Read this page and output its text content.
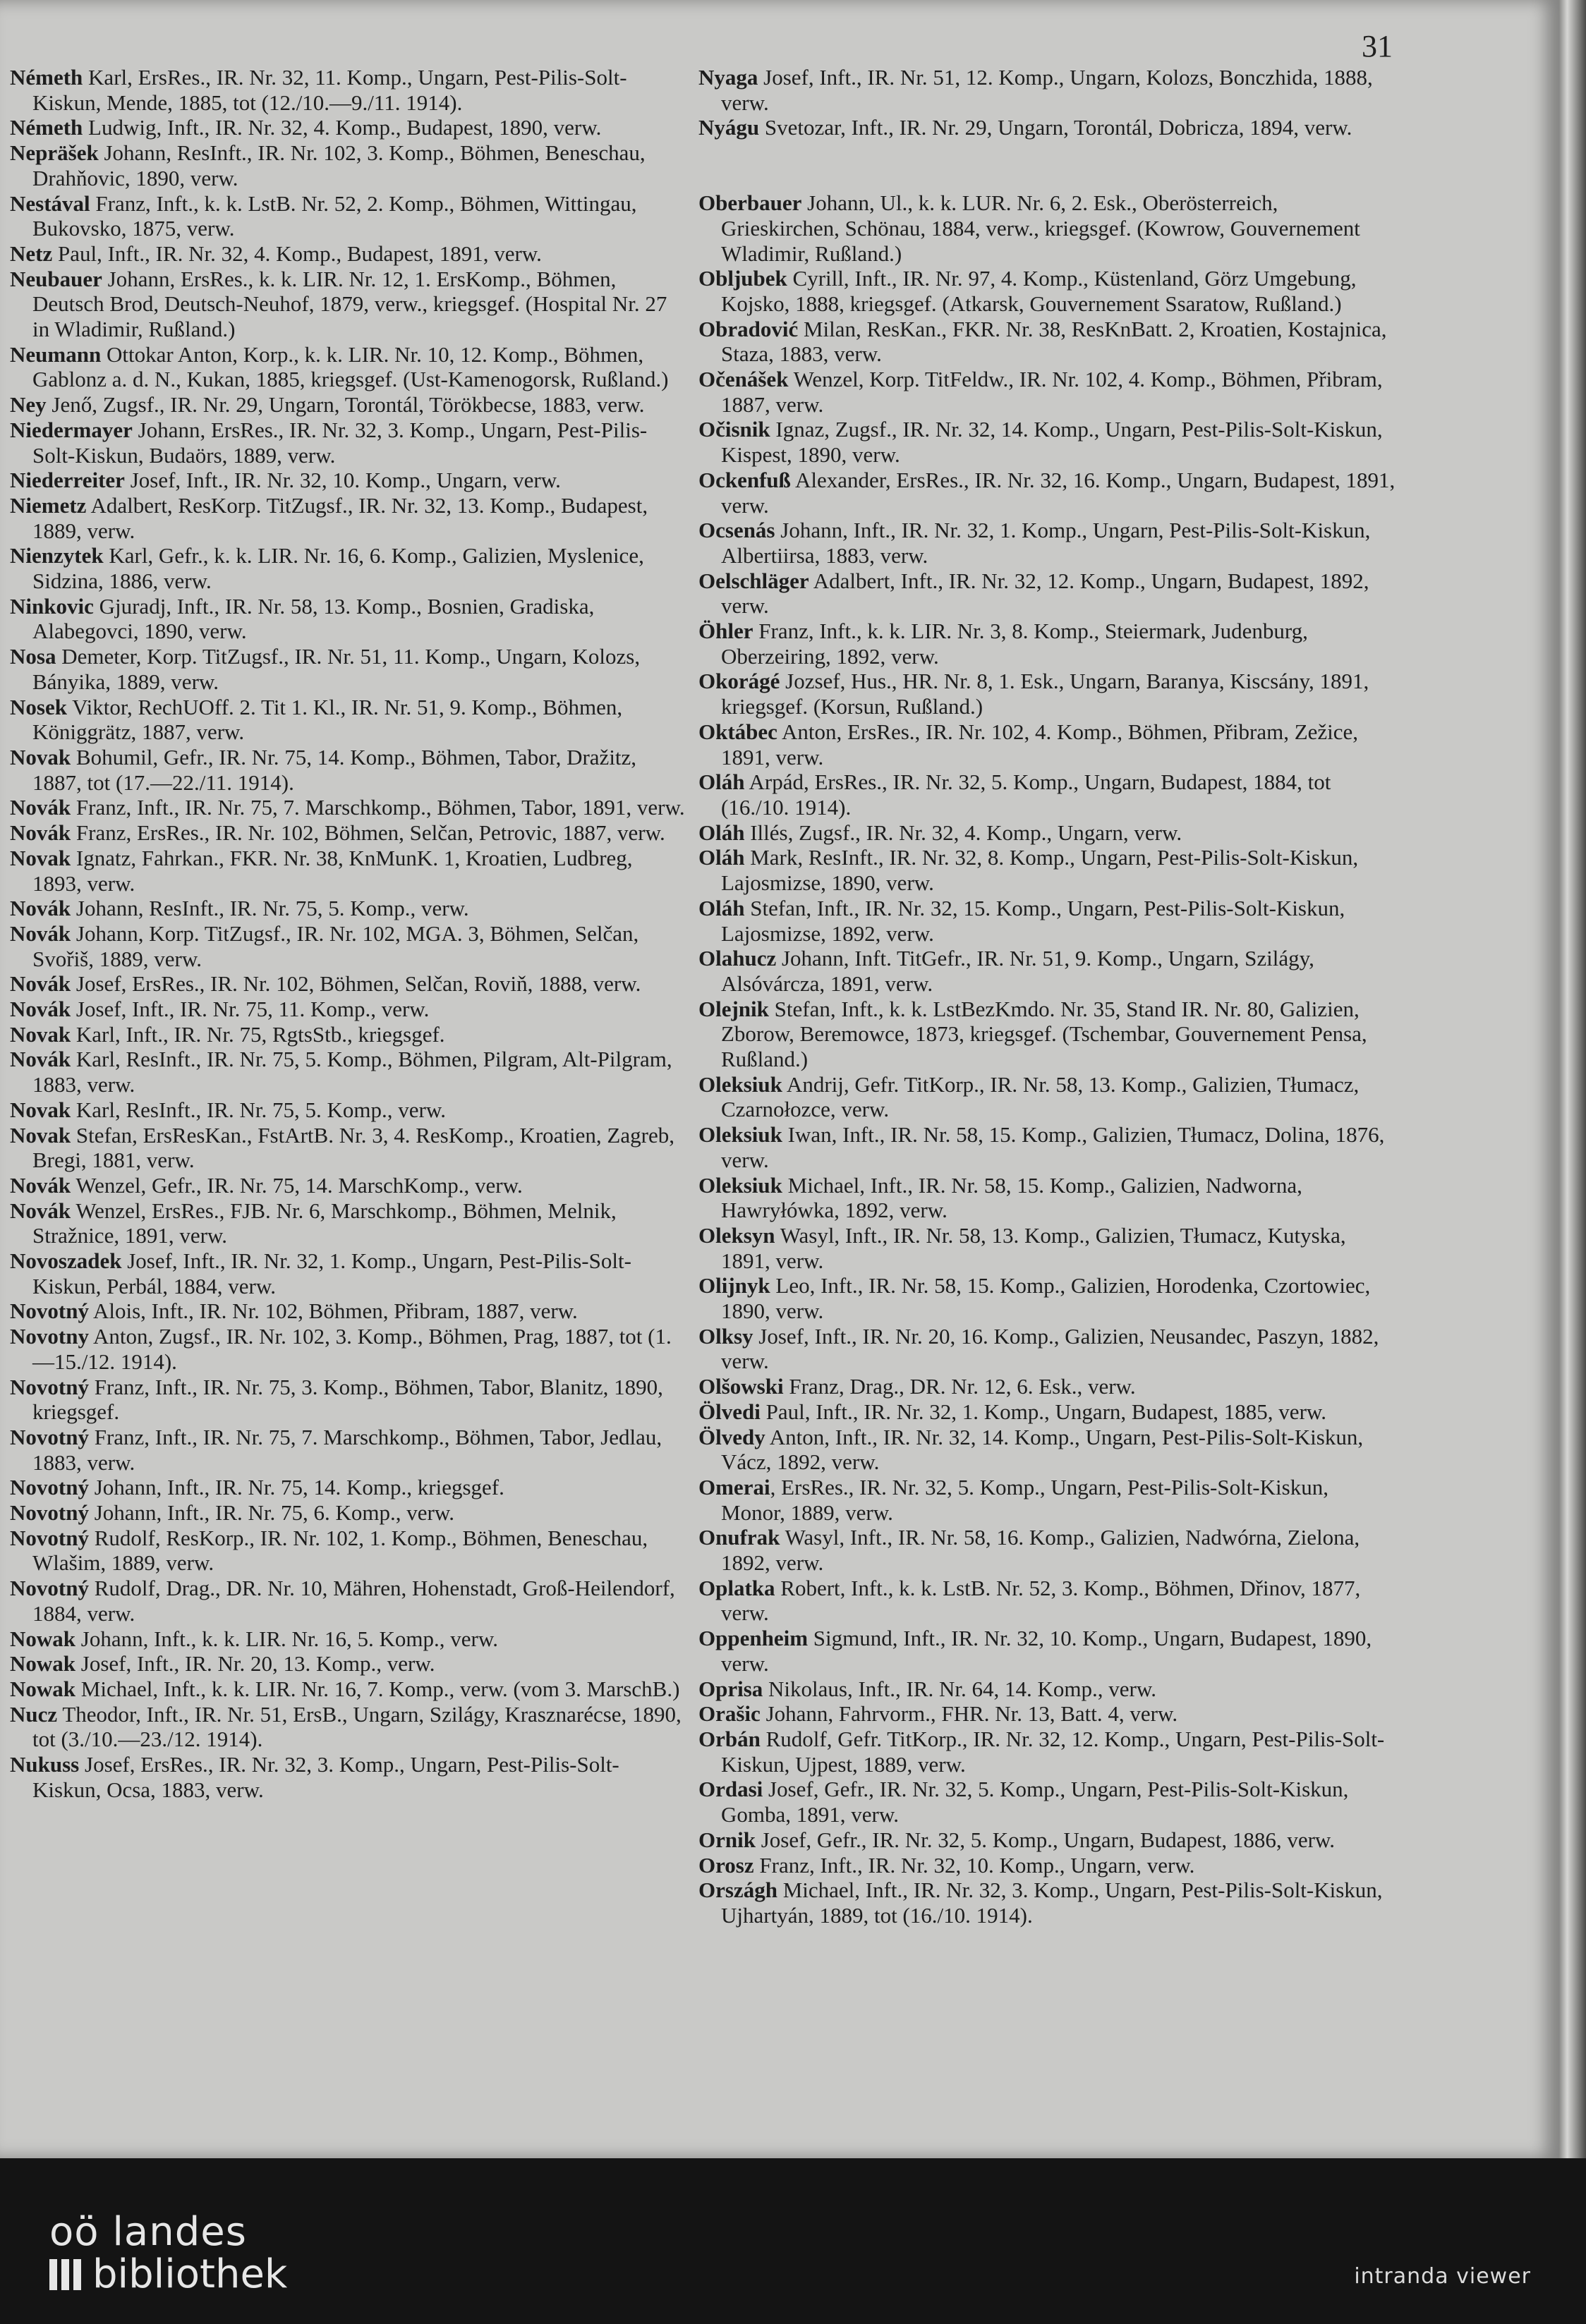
31

Németh Karl, ErsRes., IR. Nr. 32, 11. Komp., Ungarn, Pest-Pilis-Solt-Kiskun, Mende, 1885, tot (12./10.—9./11. 1914).

Németh Ludwig, Inft., IR. Nr. 32, 4. Komp., Budapest, 1890, verw.

Nepräšek Johann, ResInft., IR. Nr. 102, 3. Komp., Böhmen, Beneschau, Drahňovic, 1890, verw.

Nestával Franz, Inft., k. k. LstB. Nr. 52, 2. Komp., Böhmen, Wittingau, Bukovsko, 1875, verw.

Netz Paul, Inft., IR. Nr. 32, 4. Komp., Budapest, 1891, verw.

Neubauer Johann, ErsRes., k. k. LIR. Nr. 12, 1. ErsKomp., Böhmen, Deutsch Brod, Deutsch-Neuhof, 1879, verw., kriegsgef. (Hospital Nr. 27 in Wladimir, Rußland.)

Neumann Ottokar Anton, Korp., k. k. LIR. Nr. 10, 12. Komp., Böhmen, Gablonz a. d. N., Kukan, 1885, kriegsgef. (Ust-Kamenogorsk, Rußland.)

Ney Jenő, Zugsf., IR. Nr. 29, Ungarn, Torontál, Törökbecse, 1883, verw.

Niedermayer Johann, ErsRes., IR. Nr. 32, 3. Komp., Ungarn, Pest-Pilis-Solt-Kiskun, Budaörs, 1889, verw.

Niederreiter Josef, Inft., IR. Nr. 32, 10. Komp., Ungarn, verw.

Niemetz Adalbert, ResKorp. TitZugsf., IR. Nr. 32, 13. Komp., Budapest, 1889, verw.

Nienzytek Karl, Gefr., k. k. LIR. Nr. 16, 6. Komp., Galizien, Myslenice, Sidzina, 1886, verw.

Ninkovic Gjuradj, Inft., IR. Nr. 58, 13. Komp., Bosnien, Gradiska, Alabegovci, 1890, verw.

Nosa Demeter, Korp. TitZugsf., IR. Nr. 51, 11. Komp., Ungarn, Kolozs, Bányika, 1889, verw.

Nosek Viktor, RechUOff. 2. Tit 1. Kl., IR. Nr. 51, 9. Komp., Böhmen, Königgrätz, 1887, verw.

Novak Bohumil, Gefr., IR. Nr. 75, 14. Komp., Böhmen, Tabor, Dražitz, 1887, tot (17.—22./11. 1914).

Novák Franz, Inft., IR. Nr. 75, 7. Marschkomp., Böhmen, Tabor, 1891, verw.

Novák Franz, ErsRes., IR. Nr. 102, Böhmen, Selčan, Petrovic, 1887, verw.

Novak Ignatz, Fahrkan., FKR. Nr. 38, KnMunK. 1, Kroatien, Ludbreg, 1893, verw.

Novák Johann, ResInft., IR. Nr. 75, 5. Komp., verw.

Novák Johann, Korp. TitZugsf., IR. Nr. 102, MGA. 3, Böhmen, Selčan, Svořiš, 1889, verw.

Novák Josef, ErsRes., IR. Nr. 102, Böhmen, Selčan, Roviň, 1888, verw.

Novák Josef, Inft., IR. Nr. 75, 11. Komp., verw.

Novak Karl, Inft., IR. Nr. 75, RgtsStb., kriegsgef.

Novák Karl, ResInft., IR. Nr. 75, 5. Komp., Böhmen, Pilgram, Alt-Pilgram, 1883, verw.

Novak Karl, ResInft., IR. Nr. 75, 5. Komp., verw.

Novak Stefan, ErsResKan., FstArtB. Nr. 3, 4. ResKomp., Kroatien, Zagreb, Bregi, 1881, verw.

Novák Wenzel, Gefr., IR. Nr. 75, 14. MarschKomp., verw.

Novák Wenzel, ErsRes., FJB. Nr. 6, Marschkomp., Böhmen, Melnik, Stražnice, 1891, verw.

Novoszadek Josef, Inft., IR. Nr. 32, 1. Komp., Ungarn, Pest-Pilis-Solt-Kiskun, Perbál, 1884, verw.

Novotný Alois, Inft., IR. Nr. 102, Böhmen, Přibram, 1887, verw.

Novotny Anton, Zugsf., IR. Nr. 102, 3. Komp., Böhmen, Prag, 1887, tot (1.—15./12. 1914).

Novotný Franz, Inft., IR. Nr. 75, 3. Komp., Böhmen, Tabor, Blanitz, 1890, kriegsgef.

Novotný Franz, Inft., IR. Nr. 75, 7. Marschkomp., Böhmen, Tabor, Jedlau, 1883, verw.

Novotný Johann, Inft., IR. Nr. 75, 14. Komp., kriegsgef.

Novotný Johann, Inft., IR. Nr. 75, 6. Komp., verw.

Novotný Rudolf, ResKorp., IR. Nr. 102, 1. Komp., Böhmen, Beneschau, Wlašim, 1889, verw.

Novotný Rudolf, Drag., DR. Nr. 10, Mähren, Hohenstadt, Groß-Heilendorf, 1884, verw.

Nowak Johann, Inft., k. k. LIR. Nr. 16, 5. Komp., verw.

Nowak Josef, Inft., IR. Nr. 20, 13. Komp., verw.

Nowak Michael, Inft., k. k. LIR. Nr. 16, 7. Komp., verw. (vom 3. MarschB.)

Nucz Theodor, Inft., IR. Nr. 51, ErsB., Ungarn, Szilágy, Krasznarécse, 1890, tot (3./10.—23./12. 1914).

Nukuss Josef, ErsRes., IR. Nr. 32, 3. Komp., Ungarn, Pest-Pilis-Solt-Kiskun, Ocsa, 1883, verw.

Nyaga Josef, Inft., IR. Nr. 51, 12. Komp., Ungarn, Kolozs, Bonczhida, 1888, verw.

Nyágu Svetozar, Inft., IR. Nr. 29, Ungarn, Torontál, Dobricza, 1894, verw.

Oberbauer Johann, Ul., k. k. LUR. Nr. 6, 2. Esk., Oberösterreich, Grieskirchen, Schönau, 1884, verw., kriegsgef. (Kowrow, Gouvernement Wladimir, Rußland.)

Obljubek Cyrill, Inft., IR. Nr. 97, 4. Komp., Küstenland, Görz Umgebung, Kojsko, 1888, kriegsgef. (Atkarsk, Gouvernement Ssaratow, Rußland.)

Obradović Milan, ResKan., FKR. Nr. 38, ResKnBatt. 2, Kroatien, Kostajnica, Staza, 1883, verw.

Očenášek Wenzel, Korp. TitFeldw., IR. Nr. 102, 4. Komp., Böhmen, Přibram, 1887, verw.

Očisnik Ignaz, Zugsf., IR. Nr. 32, 14. Komp., Ungarn, Pest-Pilis-Solt-Kiskun, Kispest, 1890, verw.

Ockenfuß Alexander, ErsRes., IR. Nr. 32, 16. Komp., Ungarn, Budapest, 1891, verw.

Ocsenás Johann, Inft., IR. Nr. 32, 1. Komp., Ungarn, Pest-Pilis-Solt-Kiskun, Albertiirsa, 1883, verw.

Oelschläger Adalbert, Inft., IR. Nr. 32, 12. Komp., Ungarn, Budapest, 1892, verw.

Öhler Franz, Inft., k. k. LIR. Nr. 3, 8. Komp., Steiermark, Judenburg, Oberzeiring, 1892, verw.

Okorágé Jozsef, Hus., HR. Nr. 8, 1. Esk., Ungarn, Baranya, Kiscsány, 1891, kriegsgef. (Korsun, Rußland.)

Oktábec Anton, ErsRes., IR. Nr. 102, 4. Komp., Böhmen, Přibram, Zežice, 1891, verw.

Oláh Arpád, ErsRes., IR. Nr. 32, 5. Komp., Ungarn, Budapest, 1884, tot (16./10. 1914).

Oláh Illés, Zugsf., IR. Nr. 32, 4. Komp., Ungarn, verw.

Oláh Mark, ResInft., IR. Nr. 32, 8. Komp., Ungarn, Pest-Pilis-Solt-Kiskun, Lajosmizse, 1890, verw.

Oláh Stefan, Inft., IR. Nr. 32, 15. Komp., Ungarn, Pest-Pilis-Solt-Kiskun, Lajosmizse, 1892, verw.

Olahucz Johann, Inft. TitGefr., IR. Nr. 51, 9. Komp., Ungarn, Szilágy, Alsóvárcza, 1891, verw.

Olejnik Stefan, Inft., k. k. LstBezKmdo. Nr. 35, Stand IR. Nr. 80, Galizien, Zborow, Beremowce, 1873, kriegsgef. (Tschembar, Gouvernement Pensa, Rußland.)

Oleksiuk Andrij, Gefr. TitKorp., IR. Nr. 58, 13. Komp., Galizien, Tłumacz, Czarnołozce, verw.

Oleksiuk Iwan, Inft., IR. Nr. 58, 15. Komp., Galizien, Tłumacz, Dolina, 1876, verw.

Oleksiuk Michael, Inft., IR. Nr. 58, 15. Komp., Galizien, Nadworna, Hawryłówka, 1892, verw.

Oleksyn Wasyl, Inft., IR. Nr. 58, 13. Komp., Galizien, Tłumacz, Kutyska, 1891, verw.

Olijnyk Leo, Inft., IR. Nr. 58, 15. Komp., Galizien, Horodenka, Czortowiec, 1890, verw.

Olksy Josef, Inft., IR. Nr. 20, 16. Komp., Galizien, Neusandec, Paszyn, 1882, verw.

Olšowski Franz, Drag., DR. Nr. 12, 6. Esk., verw.

Ölvedi Paul, Inft., IR. Nr. 32, 1. Komp., Ungarn, Budapest, 1885, verw.

Ölvedy Anton, Inft., IR. Nr. 32, 14. Komp., Ungarn, Pest-Pilis-Solt-Kiskun, Vácz, 1892, verw.

Omerai, ErsRes., IR. Nr. 32, 5. Komp., Ungarn, Pest-Pilis-Solt-Kiskun, Monor, 1889, verw.

Onufrak Wasyl, Inft., IR. Nr. 58, 16. Komp., Galizien, Nadwórna, Zielona, 1892, verw.

Oplatka Robert, Inft., k. k. LstB. Nr. 52, 3. Komp., Böhmen, Dřinov, 1877, verw.

Oppenheim Sigmund, Inft., IR. Nr. 32, 10. Komp., Ungarn, Budapest, 1890, verw.

Oprisa Nikolaus, Inft., IR. Nr. 64, 14. Komp., verw.

Orašic Johann, Fahrvorm., FHR. Nr. 13, Batt. 4, verw.

Orbán Rudolf, Gefr. TitKorp., IR. Nr. 32, 12. Komp., Ungarn, Pest-Pilis-Solt-Kiskun, Ujpest, 1889, verw.

Ordasi Josef, Gefr., IR. Nr. 32, 5. Komp., Ungarn, Pest-Pilis-Solt-Kiskun, Gomba, 1891, verw.

Ornik Josef, Gefr., IR. Nr. 32, 5. Komp., Ungarn, Budapest, 1886, verw.

Orosz Franz, Inft., IR. Nr. 32, 10. Komp., Ungarn, verw.

Országh Michael, Inft., IR. Nr. 32, 3. Komp., Ungarn, Pest-Pilis-Solt-Kiskun, Ujhartyán, 1889, tot (16./10. 1914).

oö landes
bibliothek	intranda viewer
